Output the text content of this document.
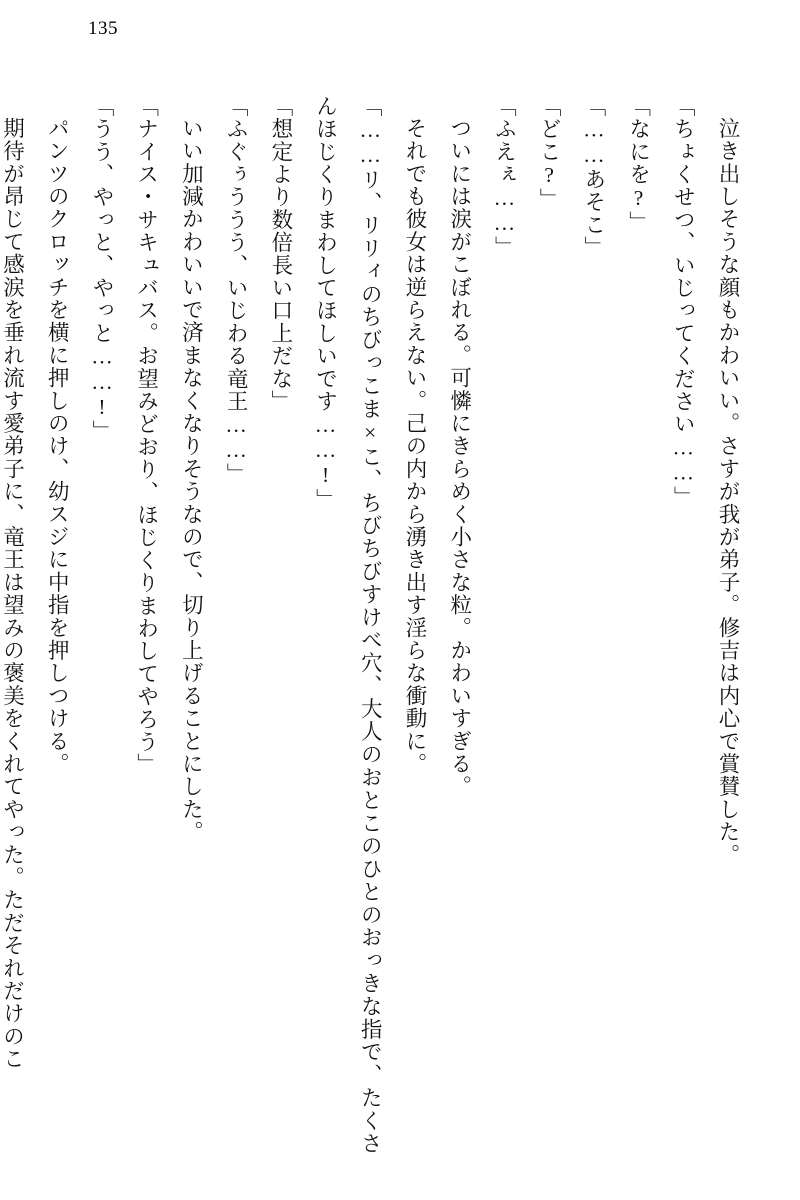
135

泣き出しそうな顔もかわいい。さすが我が弟子。修吉は内心で賞賛した。

「ちょくせつ、いじってください……」

「なにを?」

「……あそこ」

「どこ?」

「ふえぇ……」

ついには涙がこぼれる。可憐にきらめく小さな粒。かわいすぎる。

それでも彼女は逆らえない。己の内から湧き出す淫らな衝動に。

「……リ、リリィのちびっこま×こ、ちびちびすけべ穴、大人のおとこのひとのおっきな指で、たくさんほじくりまわしてほしいです……!」

「想定より数倍長い口上だな」

「ふぐぅううう、いじわる竜王……」

いい加減かわいいで済まなくなりそうなので、切り上げることにした。

「ナイス・サキュバス。お望みどおり、ほじくりまわしてやろう」

「うう、やっと、やっと……!」

パンツのクロッチを横に押しのけ、幼スジに中指を押しつける。

期待が昂じて感涙を垂れ流す愛弟子に、竜王は望みの褒美をくれてやった。ただそれだけのこ
